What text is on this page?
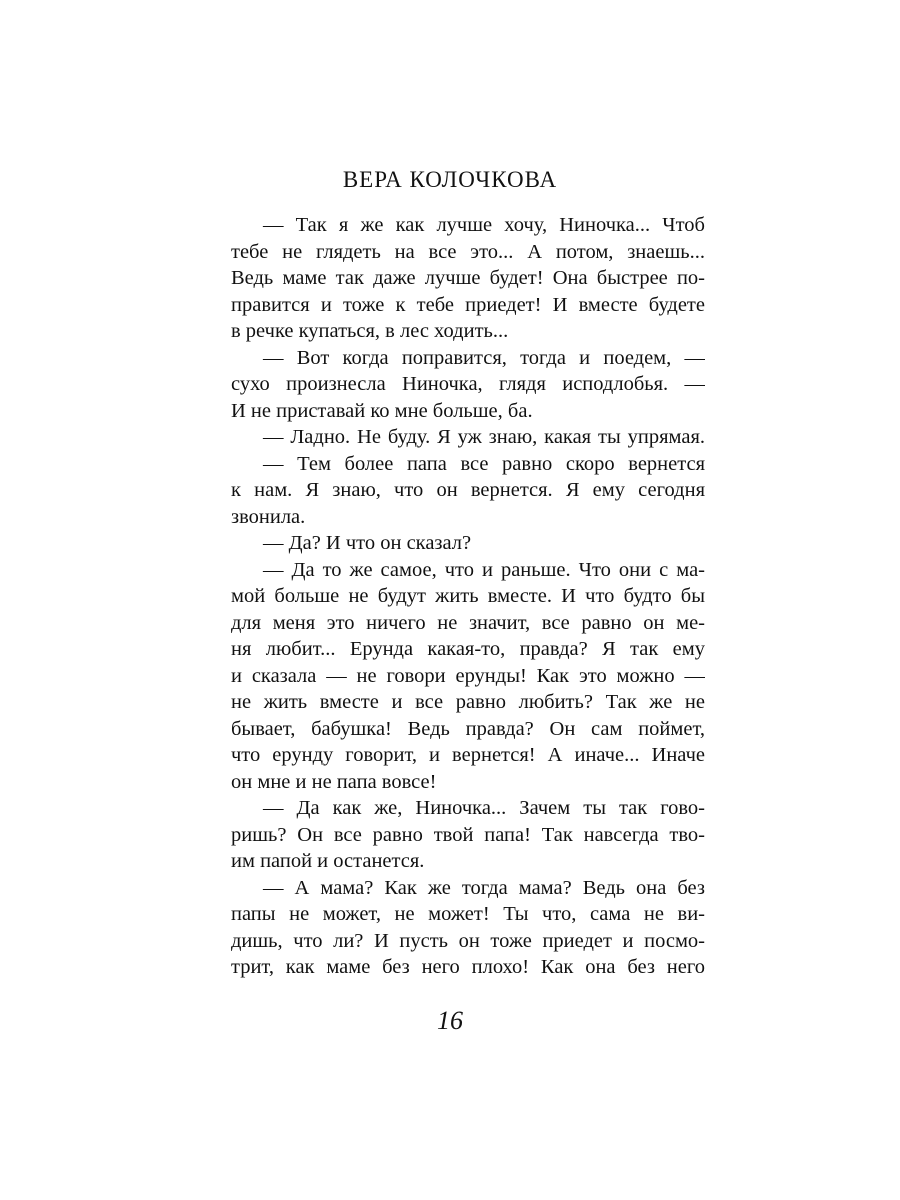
ВЕРА КОЛОЧКОВА
— Так я же как лучше хочу, Ниночка... Чтоб
тебе не глядеть на все это... А потом, знаешь...
Ведь маме так даже лучше будет! Она быстрее по-
правится и тоже к тебе приедет! И вместе будете
в речке купаться, в лес ходить...
— Вот когда поправится, тогда и поедем, —
сухо произнесла Ниночка, глядя исподлобья. —
И не приставай ко мне больше, ба.
— Ладно. Не буду. Я уж знаю, какая ты упрямая.
— Тем более папа все равно скоро вернется
к нам. Я знаю, что он вернется. Я ему сегодня
звонила.
— Да? И что он сказал?
— Да то же самое, что и раньше. Что они с ма-
мой больше не будут жить вместе. И что будто бы
для меня это ничего не значит, все равно он ме-
ня любит... Ерунда какая-то, правда? Я так ему
и сказала — не говори ерунды! Как это можно —
не жить вместе и все равно любить? Так же не
бывает, бабушка! Ведь правда? Он сам поймет,
что ерунду говорит, и вернется! А иначе... Иначе
он мне и не папа вовсе!
— Да как же, Ниночка... Зачем ты так гово-
ришь? Он все равно твой папа! Так навсегда тво-
им папой и останется.
— А мама? Как же тогда мама? Ведь она без
папы не может, не может! Ты что, сама не ви-
дишь, что ли? И пусть он тоже приедет и посмо-
трит, как маме без него плохо! Как она без него
16
